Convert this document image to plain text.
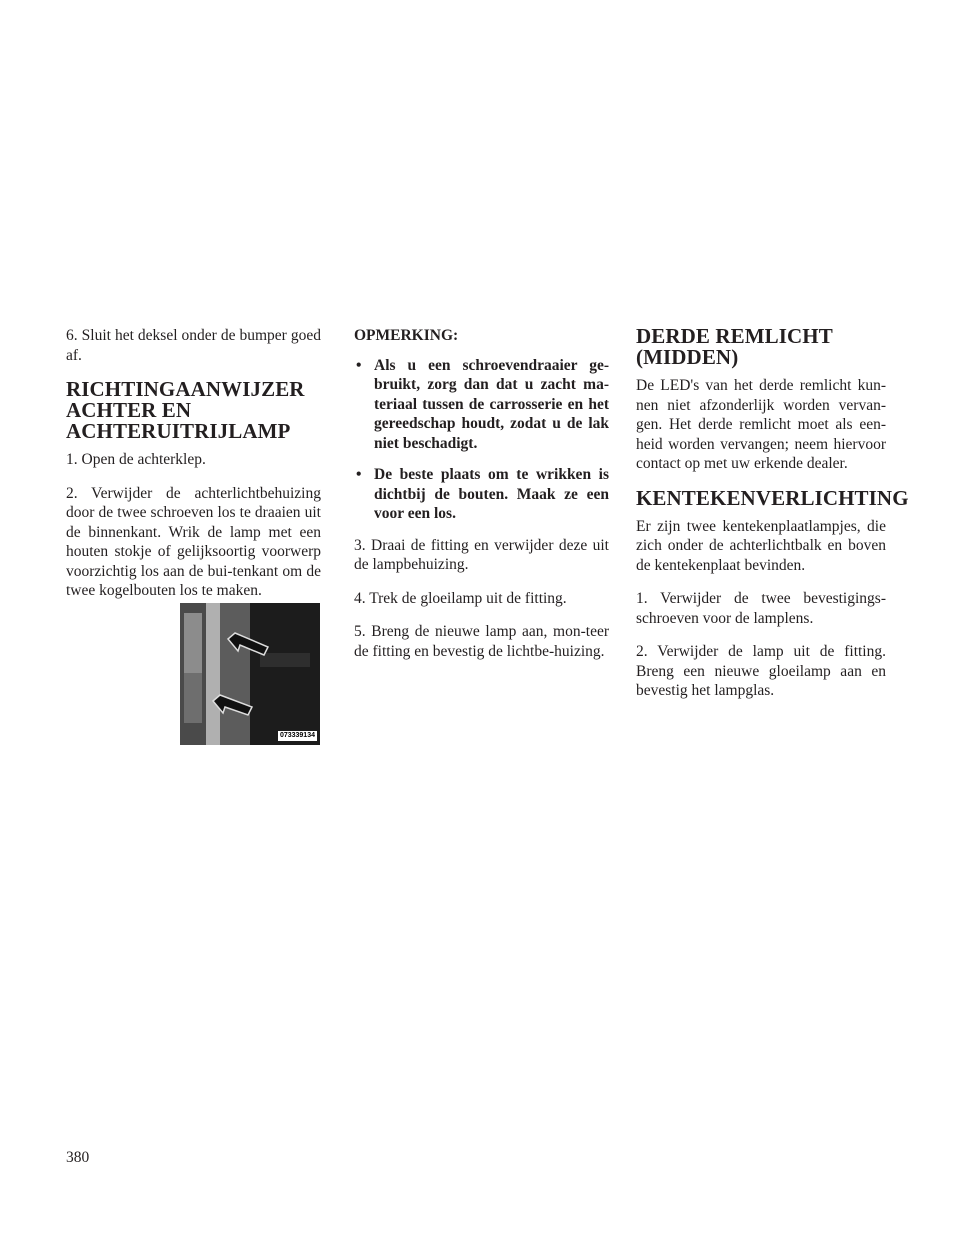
6. Sluit het deksel onder de bumper goed af.

RICHTINGAANWIJZER
ACHTER EN
ACHTERUITRIJLAMP

1. Open de achterklep.

2. Verwijder de achterlichtbehuizing door de twee schroeven los te draaien uit de binnenkant. Wrik de lamp met een houten stokje of gelijksoortig voorwerp voorzichtig los aan de bui-tenkant om de twee kogelbouten los te maken.

073339134

OPMERKING:

• Als u een schroevendraaier ge-bruikt, zorg dan dat u zacht ma-teriaal tussen de carrosserie en het gereedschap houdt, zodat u de lak niet beschadigt.
• De beste plaats om te wrikken is dichtbij de bouten. Maak ze een voor een los.

3. Draai de fitting en verwijder deze uit de lampbehuizing.

4. Trek de gloeilamp uit de fitting.

5. Breng de nieuwe lamp aan, mon-teer de fitting en bevestig de lichtbe-huizing.

DERDE REMLICHT
(MIDDEN)

De LED's van het derde remlicht kun-nen niet afzonderlijk worden vervan-gen. Het derde remlicht moet als een-heid worden vervangen; neem hiervoor contact op met uw erkende dealer.

KENTEKENVERLICHTING

Er zijn twee kentekenplaatlampjes, die zich onder de achterlichtbalk en boven de kentekenplaat bevinden.

1. Verwijder de twee bevestigings-schroeven voor de lamplens.

2. Verwijder de lamp uit de fitting. Breng een nieuwe gloeilamp aan en bevestig het lampglas.

380
